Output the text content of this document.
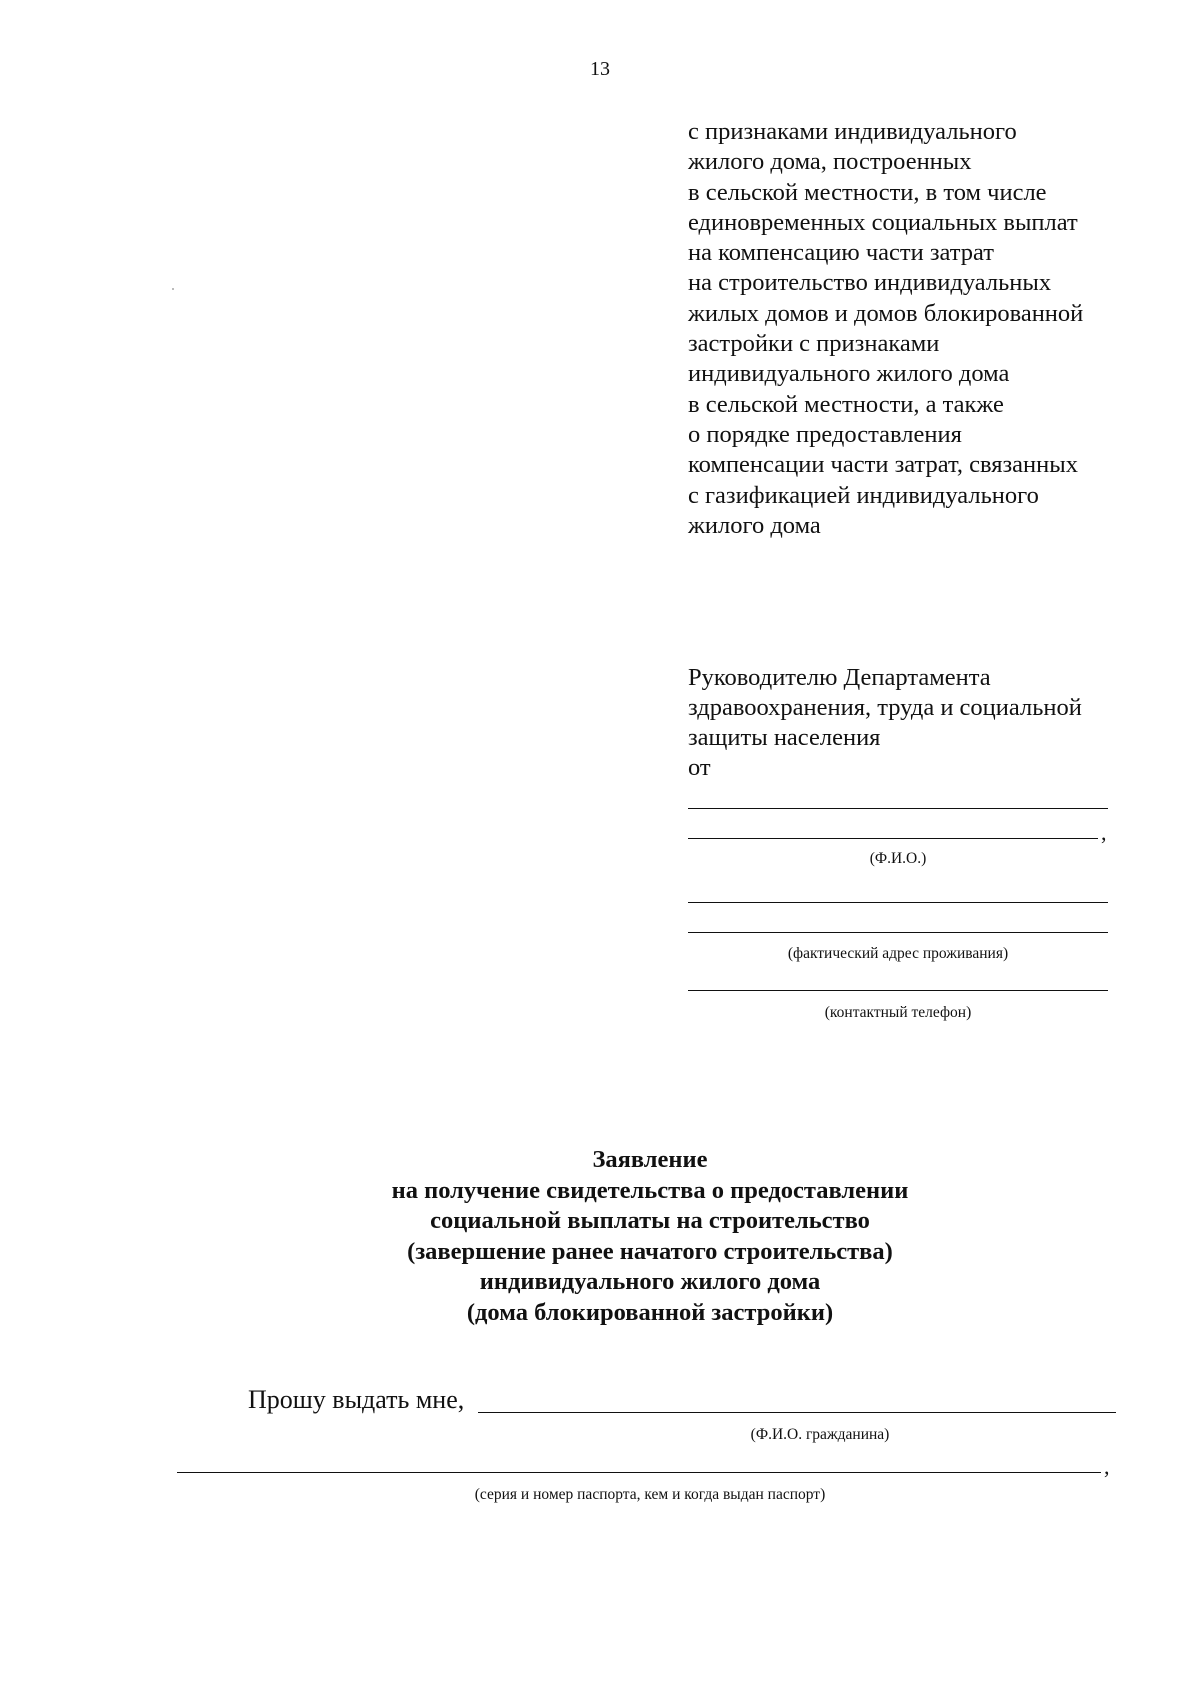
13
с признаками индивидуального
жилого дома, построенных
в сельской местности, в том числе
единовременных социальных выплат
на компенсацию части затрат
на строительство индивидуальных
жилых домов и домов блокированной
застройки с признаками
индивидуального жилого дома
в сельской местности, а также
о порядке предоставления
компенсации части затрат, связанных
с газификацией индивидуального
жилого дома
Руководителю Департамента
здравоохранения, труда и социальной
защиты населения
от
,
(Ф.И.О.)
(фактический адрес проживания)
(контактный телефон)
Заявление
на получение свидетельства о предоставлении
социальной выплаты на строительство
(завершение ранее начатого строительства)
индивидуального жилого дома
(дома блокированной застройки)
Прошу выдать мне,
(Ф.И.О. гражданина)
,
(серия и номер паспорта, кем и когда выдан паспорт)
